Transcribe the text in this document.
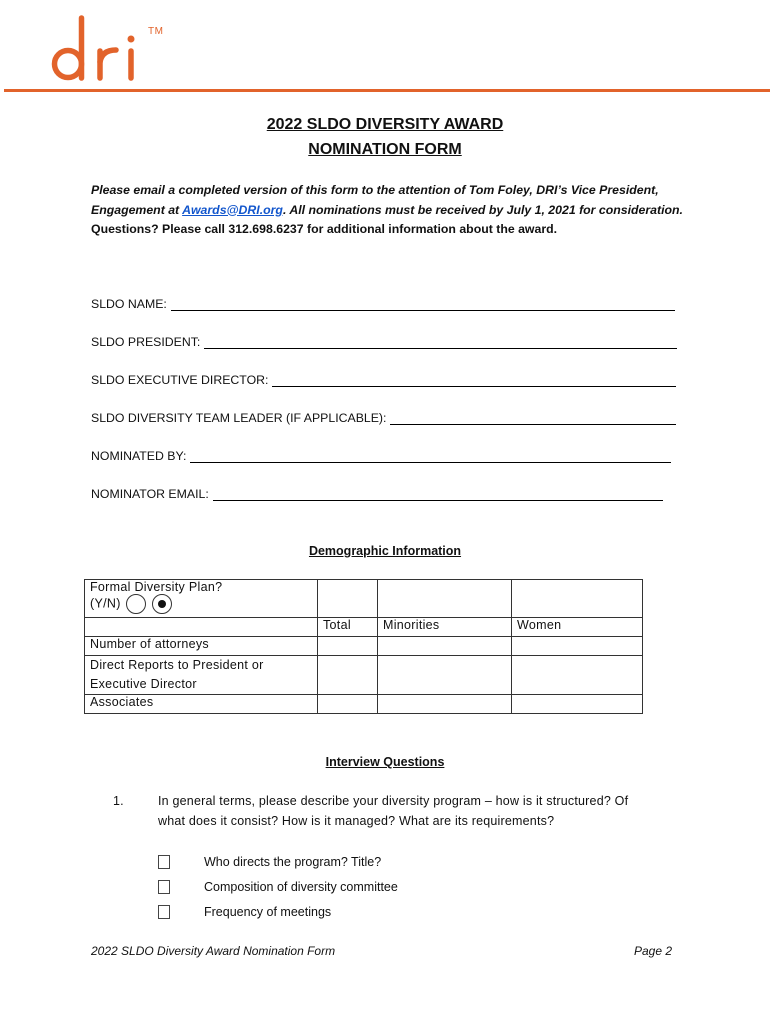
dri
TM
2022 SLDO DIVERSITY AWARD
NOMINATION FORM
Please email a completed version of this form to the attention of Tom Foley, DRI’s Vice President, Engagement at Awards@DRI.org. All nominations must be received by July 1, 2021 for consideration. Questions? Please call 312.698.6237 for additional information about the award.
SLDO NAME:
SLDO PRESIDENT:
SLDO EXECUTIVE DIRECTOR:
SLDO DIVERSITY TEAM LEADER (IF APPLICABLE):
NOMINATED BY:
NOMINATOR EMAIL:
Demographic Information
Formal Diversity Plan?
(Y/N)			

	Total	Minorities	Women
Number of attorneys			
Direct Reports to President or Executive Director			
Associates			
Interview Questions
1.	In general terms, please describe your diversity program – how is it structured? Of
what does it consist? How is it managed? What are its requirements?
Who directs the program? Title?
Composition of diversity committee
Frequency of meetings
2022 SLDO Diversity Award Nomination Form	Page 2
